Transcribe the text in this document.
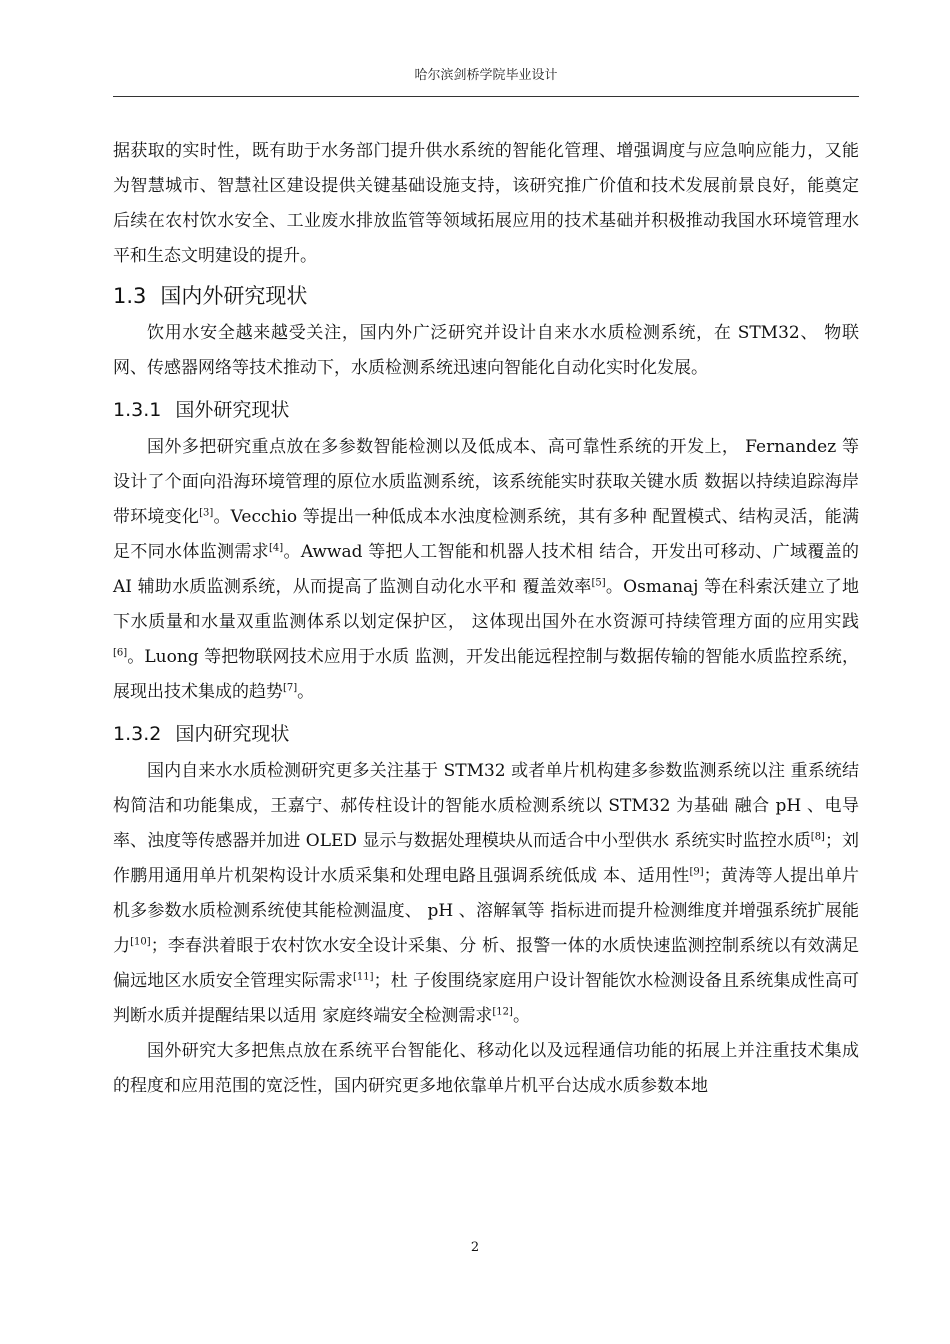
哈尔滨剑桥学院毕业设计

据获取的实时性，既有助于水务部门提升供水系统的智能化管理、增强调度与应急响应能力，又能为智慧城市、智慧社区建设提供关键基础设施支持，该研究推广价值和技术发展前景良好，能奠定后续在农村饮水安全、工业废水排放监管等领域拓展应用的技术基础并积极推动我国水环境管理水平和生态文明建设的提升。

1.3 国内外研究现状

饮用水安全越来越受关注，国内外广泛研究并设计自来水水质检测系统，在 STM32、 物联网、传感器网络等技术推动下，水质检测系统迅速向智能化自动化实时化发展。

1.3.1 国外研究现状

国外多把研究重点放在多参数智能检测以及低成本、高可靠性系统的开发上， Fernandez 等设计了个面向沿海环境管理的原位水质监测系统，该系统能实时获取关键水质 数据以持续追踪海岸带环境变化[3]。Vecchio 等提出一种低成本水浊度检测系统，其有多种 配置模式、结构灵活，能满足不同水体监测需求[4]。Awwad 等把人工智能和机器人技术相 结合，开发出可移动、广域覆盖的 AI 辅助水质监测系统，从而提高了监测自动化水平和 覆盖效率[5]。Osmanaj 等在科索沃建立了地下水质量和水量双重监测体系以划定保护区， 这体现出国外在水资源可持续管理方面的应用实践[6]。Luong 等把物联网技术应用于水质 监测，开发出能远程控制与数据传输的智能水质监控系统，展现出技术集成的趋势[7]。

1.3.2 国内研究现状

国内自来水水质检测研究更多关注基于 STM32 或者单片机构建多参数监测系统以注 重系统结构简洁和功能集成，王嘉宁、郝传柱设计的智能水质检测系统以 STM32 为基础 融合 pH 、电导率、浊度等传感器并加进 OLED 显示与数据处理模块从而适合中小型供水 系统实时监控水质[8]；刘作鹏用通用单片机架构设计水质采集和处理电路且强调系统低成 本、适用性[9]；黄涛等人提出单片机多参数水质检测系统使其能检测温度、 pH 、溶解氧等 指标进而提升检测维度并增强系统扩展能力[10]；李春洪着眼于农村饮水安全设计采集、分 析、报警一体的水质快速监测控制系统以有效满足偏远地区水质安全管理实际需求[11]；杜 子俊围绕家庭用户设计智能饮水检测设备且系统集成性高可判断水质并提醒结果以适用 家庭终端安全检测需求[12]。

国外研究大多把焦点放在系统平台智能化、移动化以及远程通信功能的拓展上并注重技术集成的程度和应用范围的宽泛性，国内研究更多地依靠单片机平台达成水质参数本地

2
